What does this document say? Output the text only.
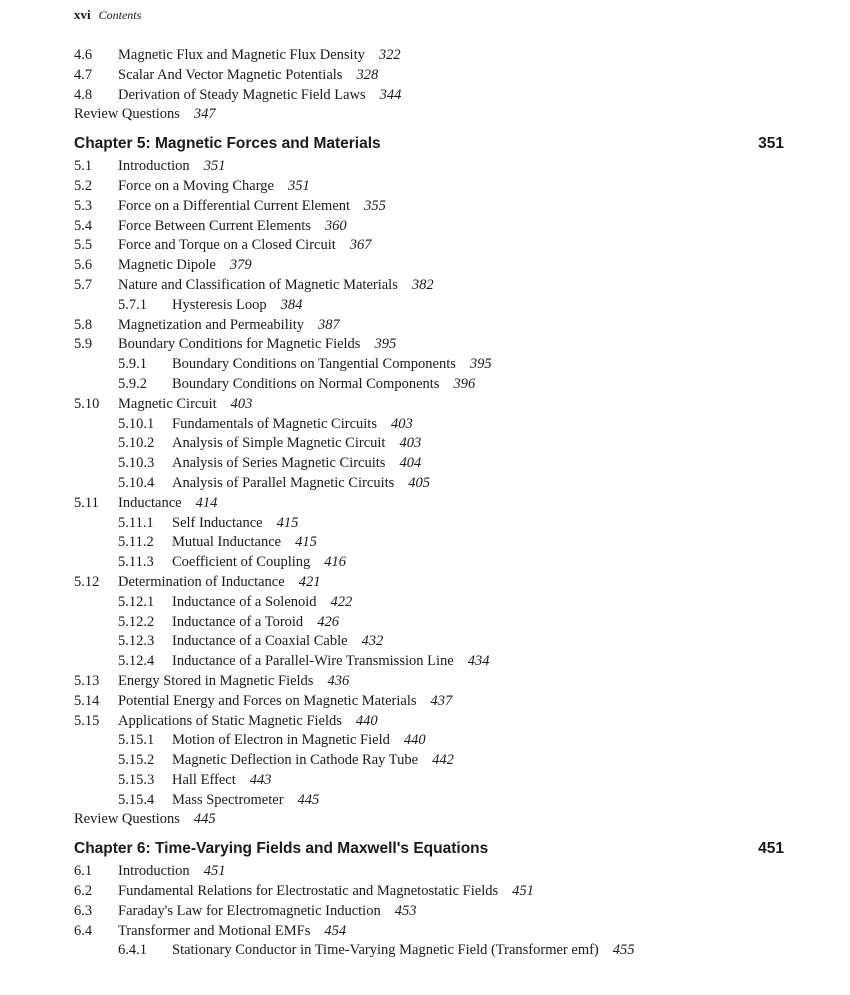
xvi Contents
4.6 Magnetic Flux and Magnetic Flux Density 322
4.7 Scalar And Vector Magnetic Potentials 328
4.8 Derivation of Steady Magnetic Field Laws 344
Review Questions 347
Chapter 5: Magnetic Forces and Materials	351
5.1 Introduction 351
5.2 Force on a Moving Charge 351
5.3 Force on a Differential Current Element 355
5.4 Force Between Current Elements 360
5.5 Force and Torque on a Closed Circuit 367
5.6 Magnetic Dipole 379
5.7 Nature and Classification of Magnetic Materials 382
5.7.1 Hysteresis Loop 384
5.8 Magnetization and Permeability 387
5.9 Boundary Conditions for Magnetic Fields 395
5.9.1 Boundary Conditions on Tangential Components 395
5.9.2 Boundary Conditions on Normal Components 396
5.10 Magnetic Circuit 403
5.10.1 Fundamentals of Magnetic Circuits 403
5.10.2 Analysis of Simple Magnetic Circuit 403
5.10.3 Analysis of Series Magnetic Circuits 404
5.10.4 Analysis of Parallel Magnetic Circuits 405
5.11 Inductance 414
5.11.1 Self Inductance 415
5.11.2 Mutual Inductance 415
5.11.3 Coefficient of Coupling 416
5.12 Determination of Inductance 421
5.12.1 Inductance of a Solenoid 422
5.12.2 Inductance of a Toroid 426
5.12.3 Inductance of a Coaxial Cable 432
5.12.4 Inductance of a Parallel-Wire Transmission Line 434
5.13 Energy Stored in Magnetic Fields 436
5.14 Potential Energy and Forces on Magnetic Materials 437
5.15 Applications of Static Magnetic Fields 440
5.15.1 Motion of Electron in Magnetic Field 440
5.15.2 Magnetic Deflection in Cathode Ray Tube 442
5.15.3 Hall Effect 443
5.15.4 Mass Spectrometer 445
Review Questions 445
Chapter 6: Time-Varying Fields and Maxwell's Equations	451
6.1 Introduction 451
6.2 Fundamental Relations for Electrostatic and Magnetostatic Fields 451
6.3 Faraday's Law for Electromagnetic Induction 453
6.4 Transformer and Motional EMFs 454
6.4.1 Stationary Conductor in Time-Varying Magnetic Field (Transformer emf) 455
